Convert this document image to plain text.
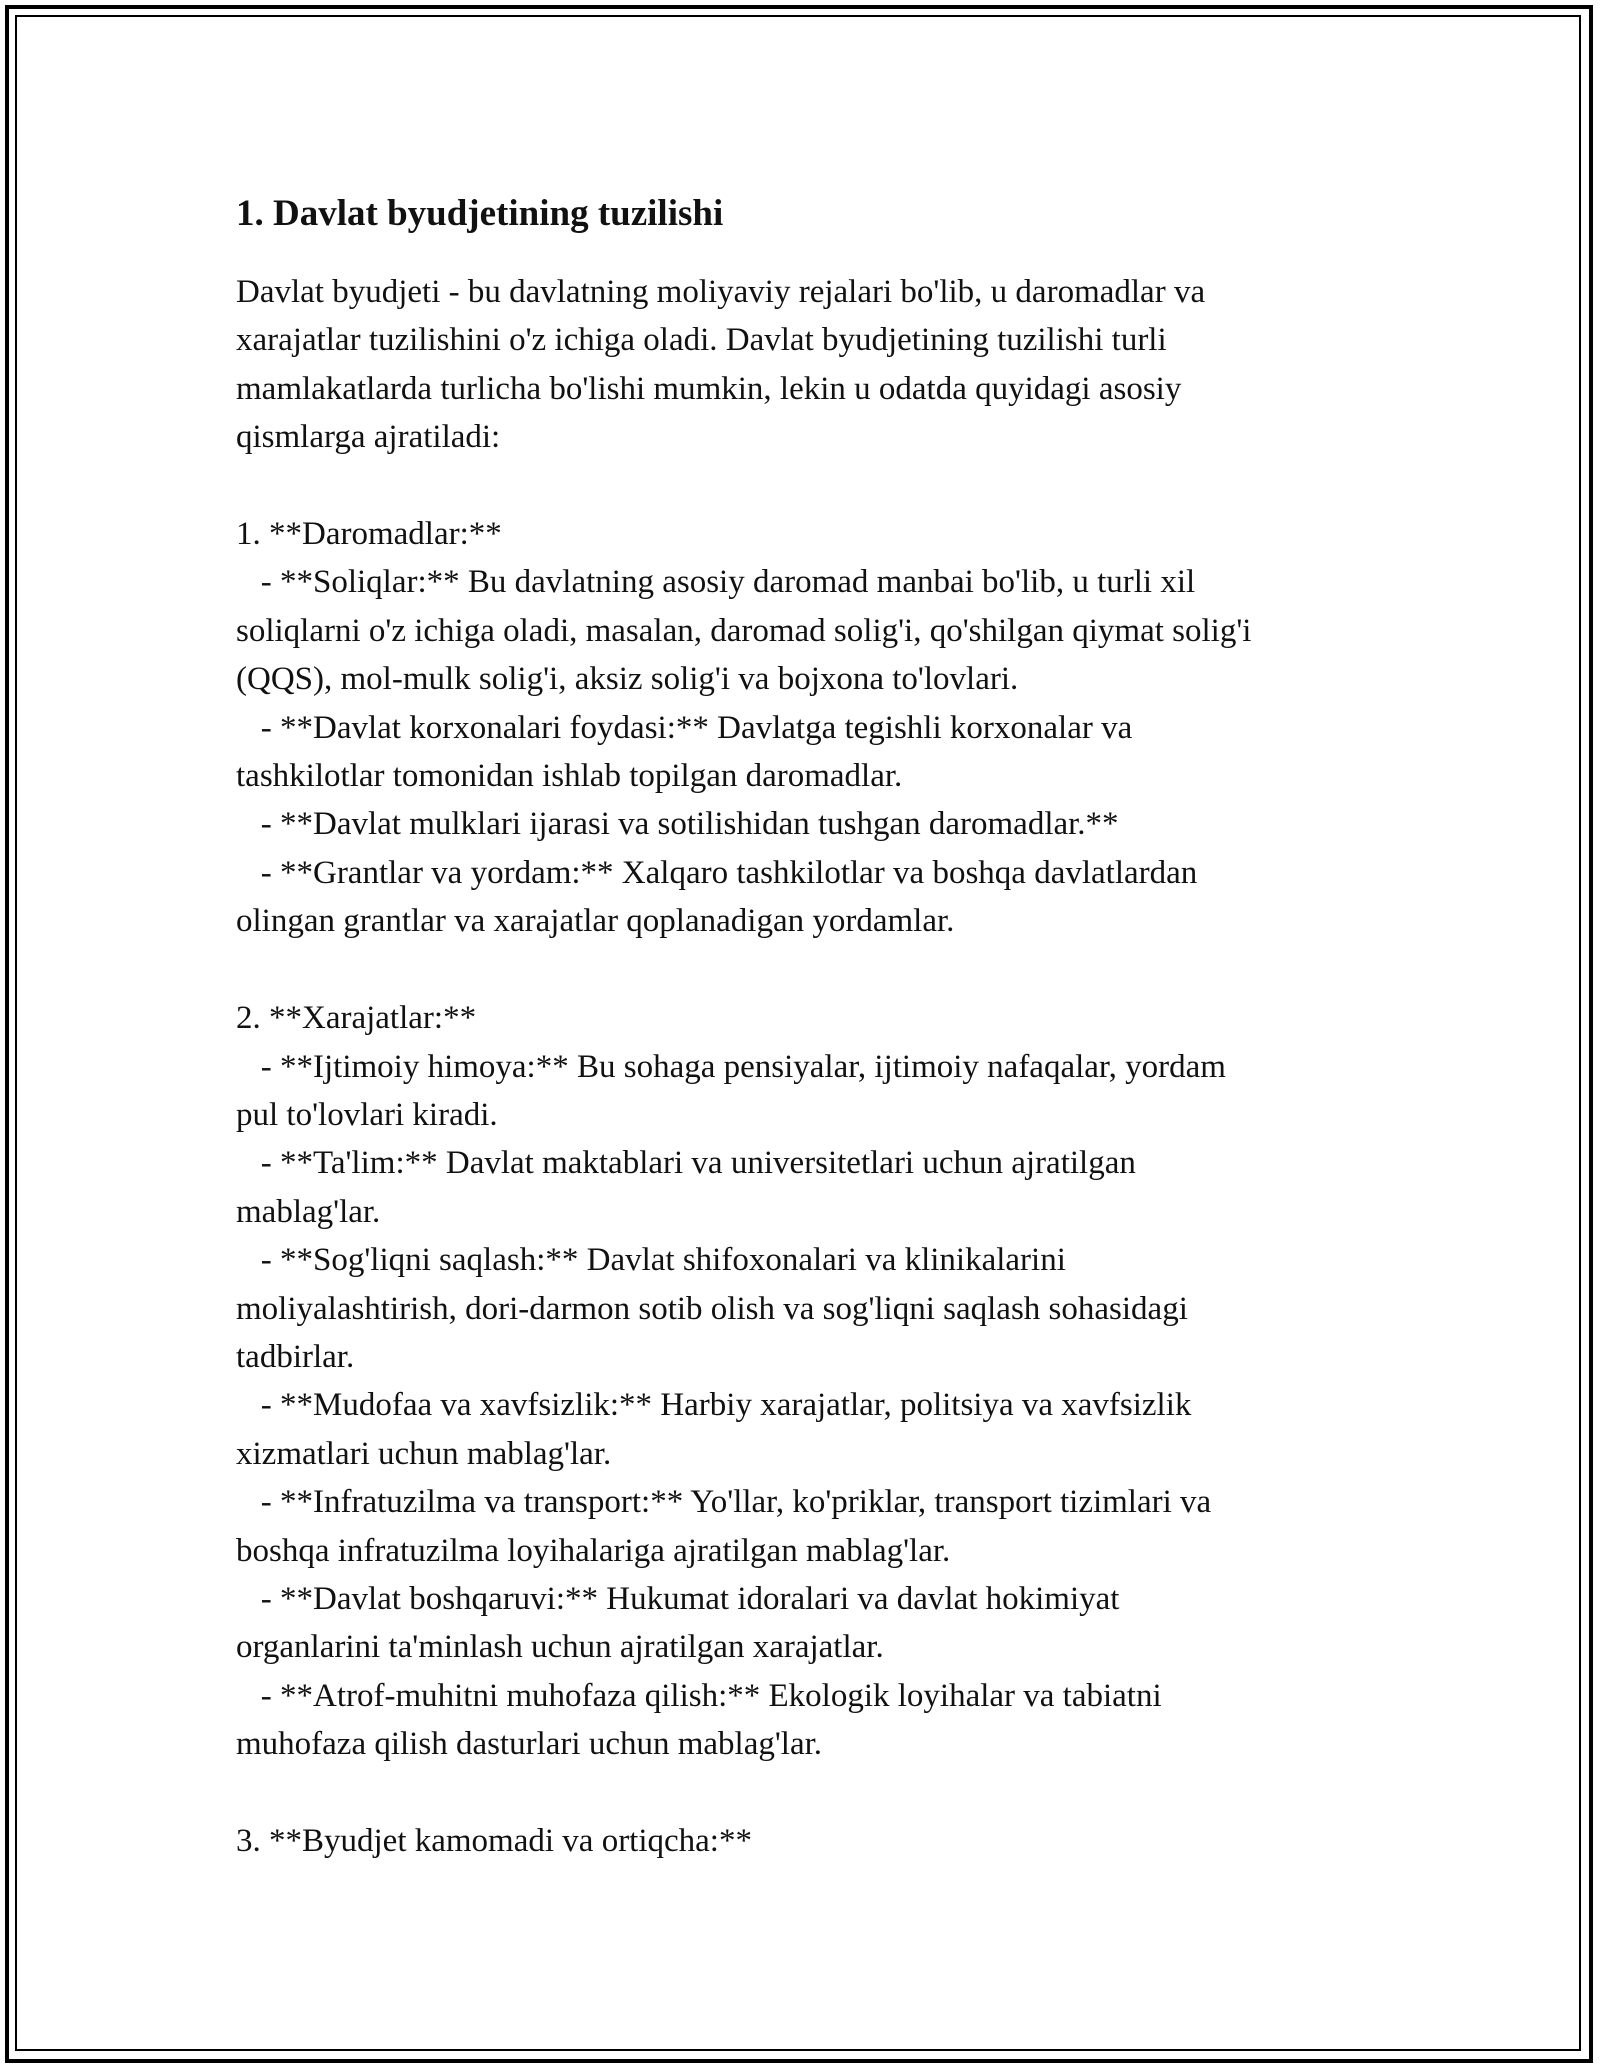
1. Davlat byudjetining tuzilishi

Davlat byudjeti - bu davlatning moliyaviy rejalari bo'lib, u daromadlar va
xarajatlar tuzilishini o'z ichiga oladi. Davlat byudjetining tuzilishi turli
mamlakatlarda turlicha bo'lishi mumkin, lekin u odatda quyidagi asosiy
qismlarga ajratiladi:

1. **Daromadlar:**
- **Soliqlar:** Bu davlatning asosiy daromad manbai bo'lib, u turli xil
soliqlarni o'z ichiga oladi, masalan, daromad solig'i, qo'shilgan qiymat solig'i
(QQS), mol-mulk solig'i, aksiz solig'i va bojxona to'lovlari.
- **Davlat korxonalari foydasi:** Davlatga tegishli korxonalar va
tashkilotlar tomonidan ishlab topilgan daromadlar.
- **Davlat mulklari ijarasi va sotilishidan tushgan daromadlar.**
- **Grantlar va yordam:** Xalqaro tashkilotlar va boshqa davlatlardan
olingan grantlar va xarajatlar qoplanadigan yordamlar.

2. **Xarajatlar:**
- **Ijtimoiy himoya:** Bu sohaga pensiyalar, ijtimoiy nafaqalar, yordam
pul to'lovlari kiradi.
- **Ta'lim:** Davlat maktablari va universitetlari uchun ajratilgan
mablag'lar.
- **Sog'liqni saqlash:** Davlat shifoxonalari va klinikalarini
moliyalashtirish, dori-darmon sotib olish va sog'liqni saqlash sohasidagi
tadbirlar.
- **Mudofaa va xavfsizlik:** Harbiy xarajatlar, politsiya va xavfsizlik
xizmatlari uchun mablag'lar.
- **Infratuzilma va transport:** Yo'llar, ko'priklar, transport tizimlari va
boshqa infratuzilma loyihalariga ajratilgan mablag'lar.
- **Davlat boshqaruvi:** Hukumat idoralari va davlat hokimiyat
organlarini ta'minlash uchun ajratilgan xarajatlar.
- **Atrof-muhitni muhofaza qilish:** Ekologik loyihalar va tabiatni
muhofaza qilish dasturlari uchun mablag'lar.

3. **Byudjet kamomadi va ortiqcha:**
